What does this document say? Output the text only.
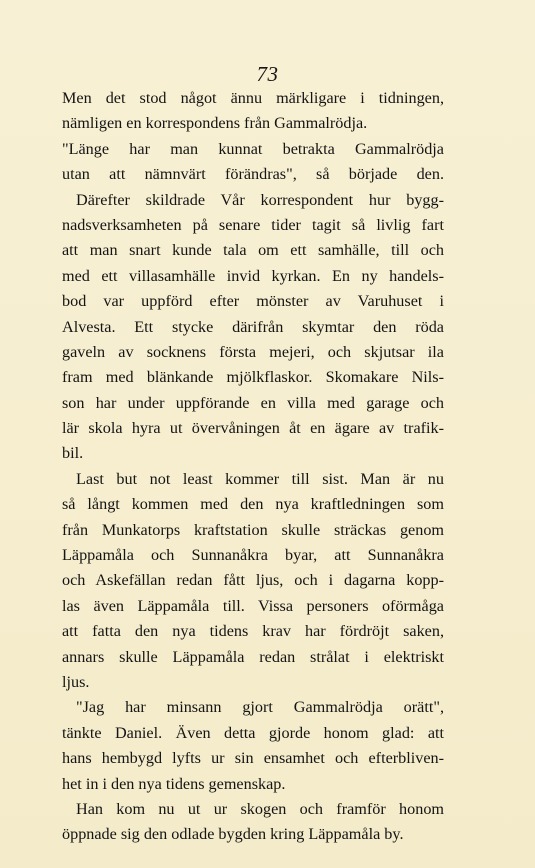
73
Men det stod något ännu märkligare i tidningen,
nämligen en korrespondens från Gammalrödja.
"Länge har man kunnat betrakta Gammalrödja
utan att nämnvärt förändras", så började den.
Därefter skildrade Vår korrespondent hur bygg-
nadsverksamheten på senare tider tagit så livlig fart
att man snart kunde tala om ett samhälle, till och
med ett villasamhälle invid kyrkan. En ny handels-
bod var uppförd efter mönster av Varuhuset i
Alvesta. Ett stycke därifrån skymtar den röda
gaveln av socknens första mejeri, och skjutsar ila
fram med blänkande mjölkflaskor. Skomakare Nils-
son har under uppförande en villa med garage och
lär skola hyra ut övervåningen åt en ägare av trafik-
bil.
Last but not least kommer till sist. Man är nu
så långt kommen med den nya kraftledningen som
från Munkatorps kraftstation skulle sträckas genom
Läppamåla och Sunnanåkra byar, att Sunnanåkra
och Askefällan redan fått ljus, och i dagarna kopp-
las även Läppamåla till. Vissa personers oförmåga
att fatta den nya tidens krav har fördröjt saken,
annars skulle Läppamåla redan strålat i elektriskt
ljus.
"Jag har minsann gjort Gammalrödja orätt",
tänkte Daniel. Även detta gjorde honom glad: att
hans hembygd lyfts ur sin ensamhet och efterbliven-
het in i den nya tidens gemenskap.
Han kom nu ut ur skogen och framför honom
öppnade sig den odlade bygden kring Läppamåla by.
